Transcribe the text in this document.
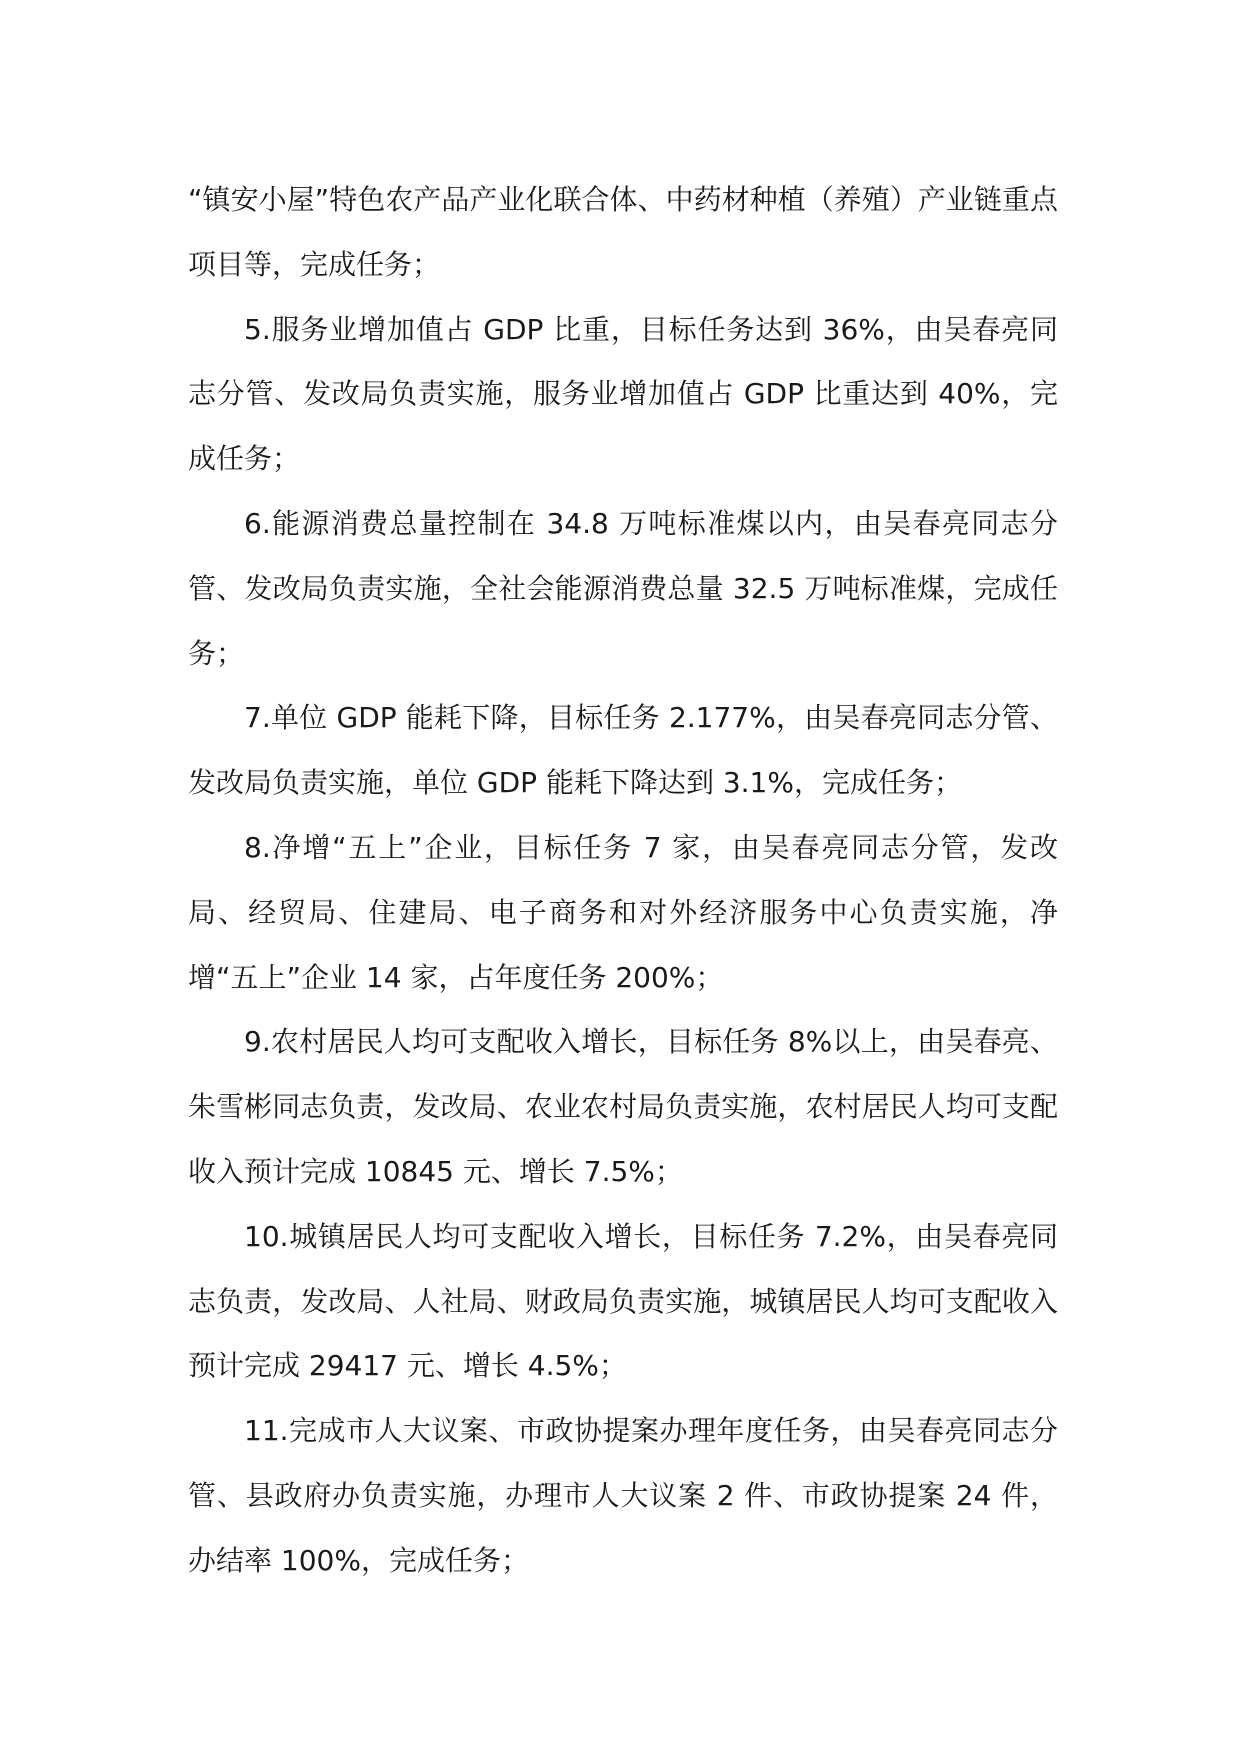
“镇安小屋”特色农产品产业化联合体、中药材种植（养殖）产业链重点项目等，完成任务；

5.服务业增加值占 GDP 比重，目标任务达到 36%，由吴春亮同志分管、发改局负责实施，服务业增加值占 GDP 比重达到 40%，完成任务；

6.能源消费总量控制在 34.8 万吨标准煤以内，由吴春亮同志分管、发改局负责实施，全社会能源消费总量 32.5 万吨标准煤，完成任务；

7.单位 GDP 能耗下降，目标任务 2.177%，由吴春亮同志分管、发改局负责实施，单位 GDP 能耗下降达到 3.1%，完成任务；

8.净增“五上”企业，目标任务 7 家，由吴春亮同志分管，发改局、经贸局、住建局、电子商务和对外经济服务中心负责实施，净增“五上”企业 14 家，占年度任务 200%；

9.农村居民人均可支配收入增长，目标任务 8%以上，由吴春亮、朱雪彬同志负责，发改局、农业农村局负责实施，农村居民人均可支配收入预计完成 10845 元、增长 7.5%；

10.城镇居民人均可支配收入增长，目标任务 7.2%，由吴春亮同志负责，发改局、人社局、财政局负责实施，城镇居民人均可支配收入预计完成 29417 元、增长 4.5%；

11.完成市人大议案、市政协提案办理年度任务，由吴春亮同志分管、县政府办负责实施，办理市人大议案 2 件、市政协提案 24 件，办结率 100%，完成任务；
